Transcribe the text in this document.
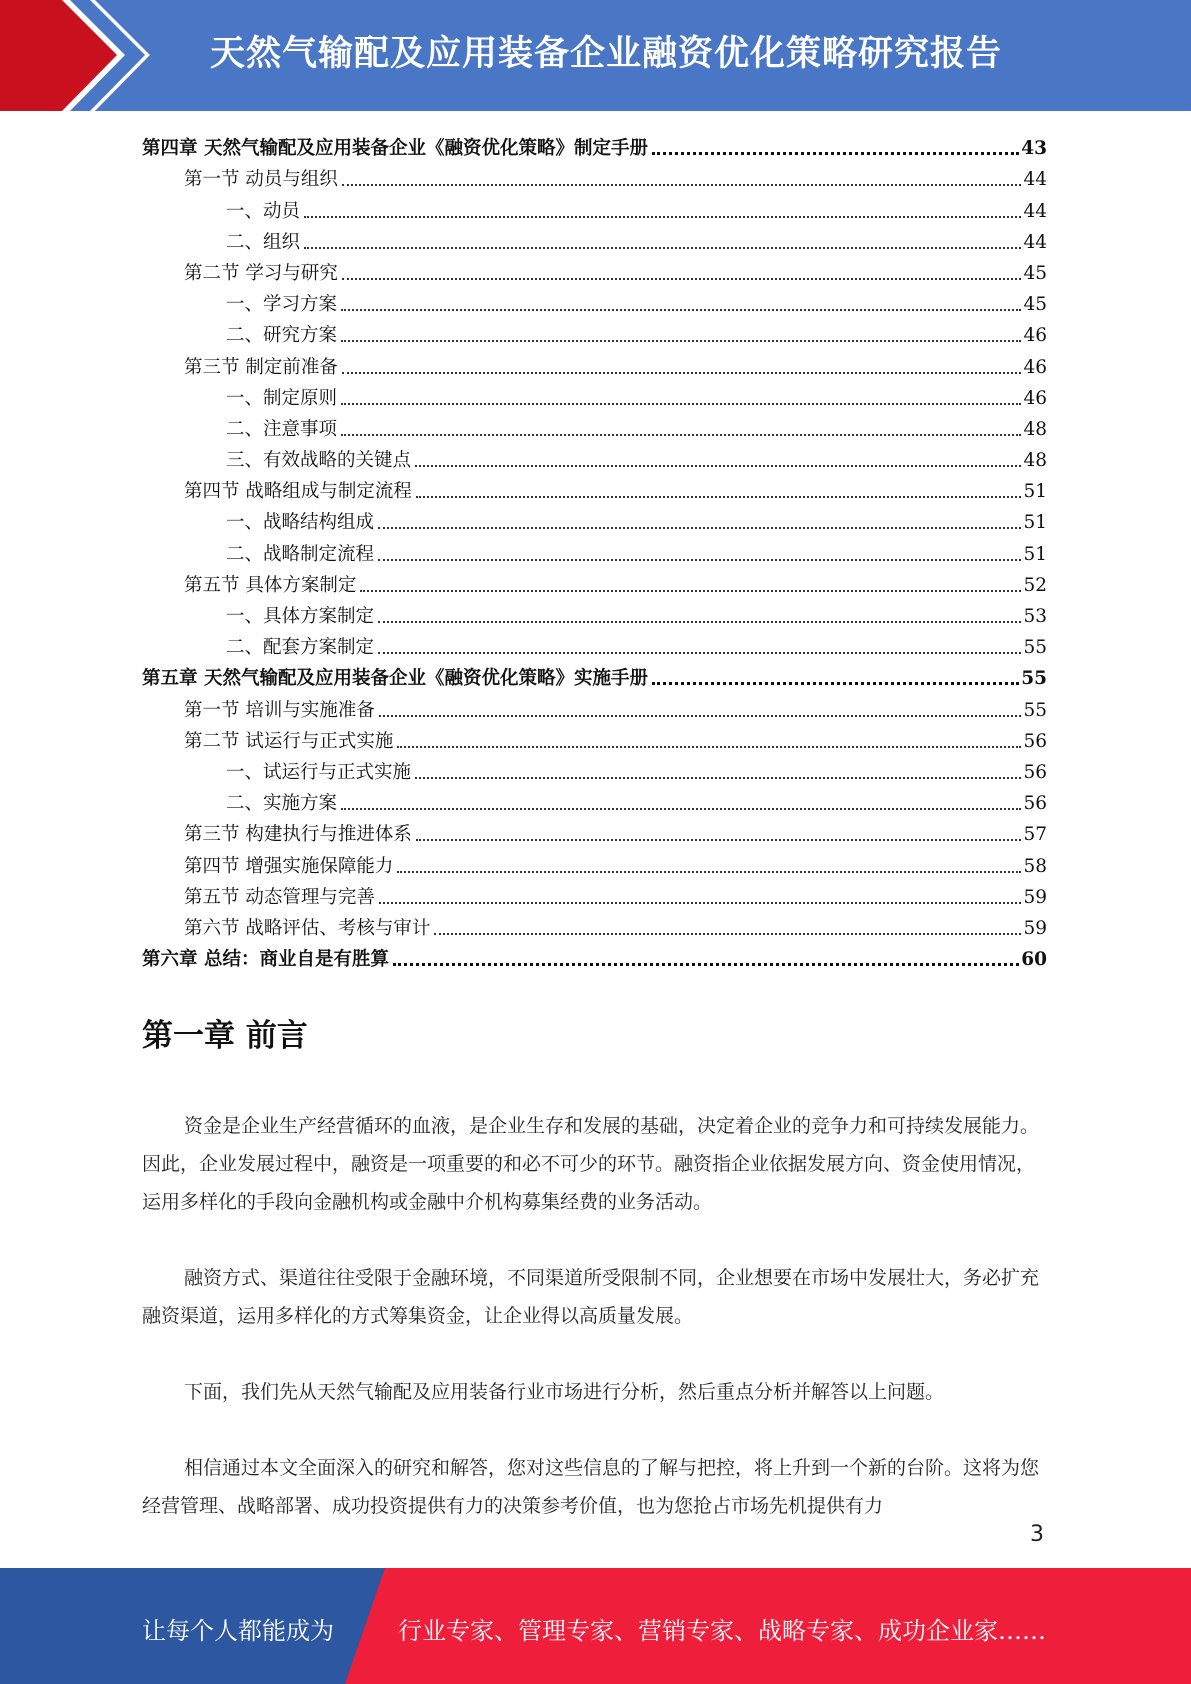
天然气输配及应用装备企业融资优化策略研究报告
第四章 天然气输配及应用装备企业《融资优化策略》制定手册	43
第一节 动员与组织	44
一、动员	44
二、组织	44
第二节 学习与研究	45
一、学习方案	45
二、研究方案	46
第三节 制定前准备	46
一、制定原则	46
二、注意事项	48
三、有效战略的关键点	48
第四节 战略组成与制定流程	51
一、战略结构组成	51
二、战略制定流程	51
第五节 具体方案制定	52
一、具体方案制定	53
二、配套方案制定	55
第五章 天然气输配及应用装备企业《融资优化策略》实施手册	55
第一节 培训与实施准备	55
第二节 试运行与正式实施	56
一、试运行与正式实施	56
二、实施方案	56
第三节 构建执行与推进体系	57
第四节 增强实施保障能力	58
第五节 动态管理与完善	59
第六节 战略评估、考核与审计	59
第六章 总结：商业自是有胜算	60
第一章 前言

资金是企业生产经营循环的血液，是企业生存和发展的基础，决定着企业的竞争力和可持续发展能力。因此，企业发展过程中，融资是一项重要的和必不可少的环节。融资指企业依据发展方向、资金使用情况，运用多样化的手段向金融机构或金融中介机构募集经费的业务活动。

融资方式、渠道往往受限于金融环境，不同渠道所受限制不同，企业想要在市场中发展壮大，务必扩充融资渠道，运用多样化的方式筹集资金，让企业得以高质量发展。

下面，我们先从天然气输配及应用装备行业市场进行分析，然后重点分析并解答以上问题。

相信通过本文全面深入的研究和解答，您对这些信息的了解与把控，将上升到一个新的台阶。这将为您经营管理、战略部署、成功投资提供有力的决策参考价值，也为您抢占市场先机提供有力

3
让每个人都能成为	行业专家、管理专家、营销专家、战略专家、成功企业家……
